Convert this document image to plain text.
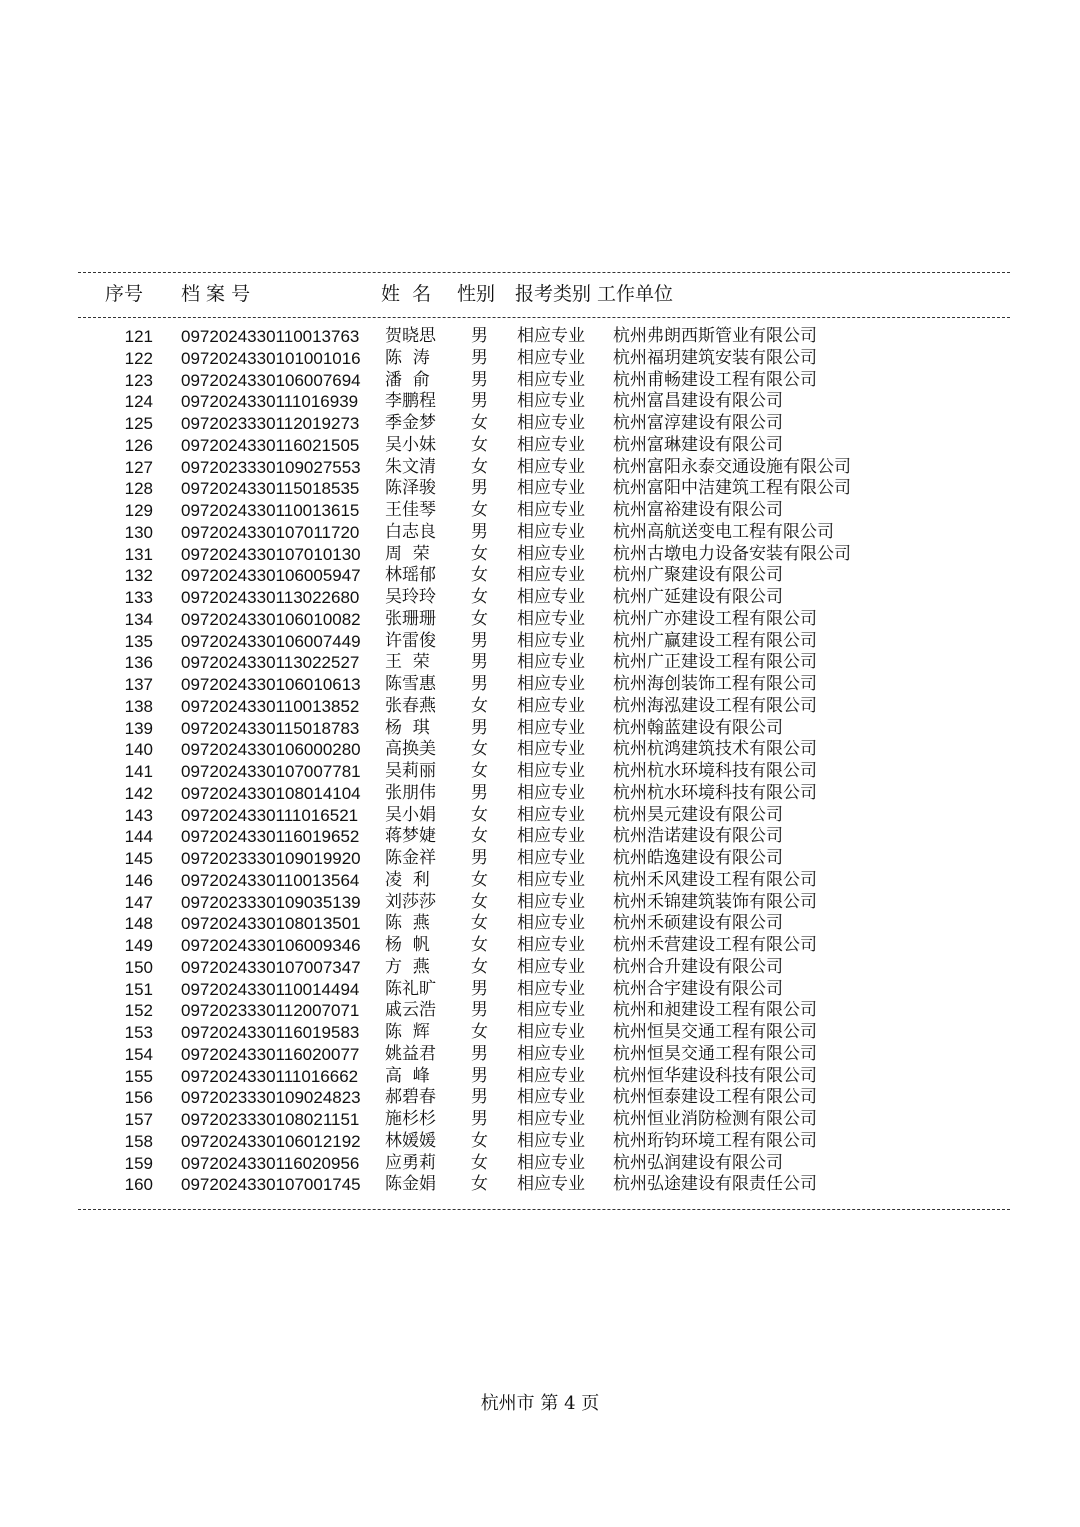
序号 档 案 号	姓  名 性别 报考类别 工作单位
121 0972024330110013763 贺晓思 男 相应专业 杭州弗朗西斯管业有限公司
122 0972024330101001016 陈  涛 男 相应专业 杭州福玥建筑安装有限公司
123 0972024330106007694 潘  俞 男 相应专业 杭州甫畅建设工程有限公司
124 0972024330111016939 李鹏程 男 相应专业 杭州富昌建设有限公司
125 0972023330112019273 季金梦 女 相应专业 杭州富淳建设有限公司
126 0972024330116021505 吴小妹 女 相应专业 杭州富琳建设有限公司
127 0972023330109027553 朱文清 女 相应专业 杭州富阳永泰交通设施有限公司
128 0972024330115018535 陈泽骏 男 相应专业 杭州富阳中洁建筑工程有限公司
129 0972024330110013615 王佳琴 女 相应专业 杭州富裕建设有限公司
130 0972024330107011720 白志良 男 相应专业 杭州高航送变电工程有限公司
131 0972024330107010130 周  荣 女 相应专业 杭州古墩电力设备安装有限公司
132 0972024330106005947 林瑶郁 女 相应专业 杭州广聚建设有限公司
133 0972024330113022680 吴玲玲 女 相应专业 杭州广延建设有限公司
134 0972024330106010082 张珊珊 女 相应专业 杭州广亦建设工程有限公司
135 0972024330106007449 许雷俊 男 相应专业 杭州广赢建设工程有限公司
136 0972024330113022527 王  荣 男 相应专业 杭州广正建设工程有限公司
137 0972024330106010613 陈雪惠 男 相应专业 杭州海创装饰工程有限公司
138 0972024330110013852 张春燕 女 相应专业 杭州海泓建设工程有限公司
139 0972024330115018783 杨  琪 男 相应专业 杭州翰蓝建设有限公司
140 0972024330106000280 高换美 女 相应专业 杭州杭鸿建筑技术有限公司
141 0972024330107007781 吴莉丽 女 相应专业 杭州杭水环境科技有限公司
142 0972024330108014104 张朋伟 男 相应专业 杭州杭水环境科技有限公司
143 0972024330111016521 吴小娟 女 相应专业 杭州昊元建设有限公司
144 0972024330116019652 蒋梦婕 女 相应专业 杭州浩诺建设有限公司
145 0972023330109019920 陈金祥 男 相应专业 杭州皓逸建设有限公司
146 0972024330110013564 凌  利 女 相应专业 杭州禾风建设工程有限公司
147 0972023330109035139 刘莎莎 女 相应专业 杭州禾锦建筑装饰有限公司
148 0972024330108013501 陈  燕 女 相应专业 杭州禾硕建设有限公司
149 0972024330106009346 杨  帆 女 相应专业 杭州禾营建设工程有限公司
150 0972024330107007347 方  燕 女 相应专业 杭州合升建设有限公司
151 0972024330110014494 陈礼旷 男 相应专业 杭州合宇建设有限公司
152 0972023330112007071 戚云浩 男 相应专业 杭州和昶建设工程有限公司
153 0972024330116019583 陈  辉 女 相应专业 杭州恒昊交通工程有限公司
154 0972024330116020077 姚益君 男 相应专业 杭州恒昊交通工程有限公司
155 0972024330111016662 高  峰 男 相应专业 杭州恒华建设科技有限公司
156 0972023330109024823 郝碧春 男 相应专业 杭州恒泰建设工程有限公司
157 0972023330108021151 施杉杉 男 相应专业 杭州恒业消防检测有限公司
158 0972024330106012192 林媛媛 女 相应专业 杭州珩钧环境工程有限公司
159 0972024330116020956 应勇莉 女 相应专业 杭州弘润建设有限公司
160 0972024330107001745 陈金娟 女 相应专业 杭州弘途建设有限责任公司
杭州市 第 4 页
